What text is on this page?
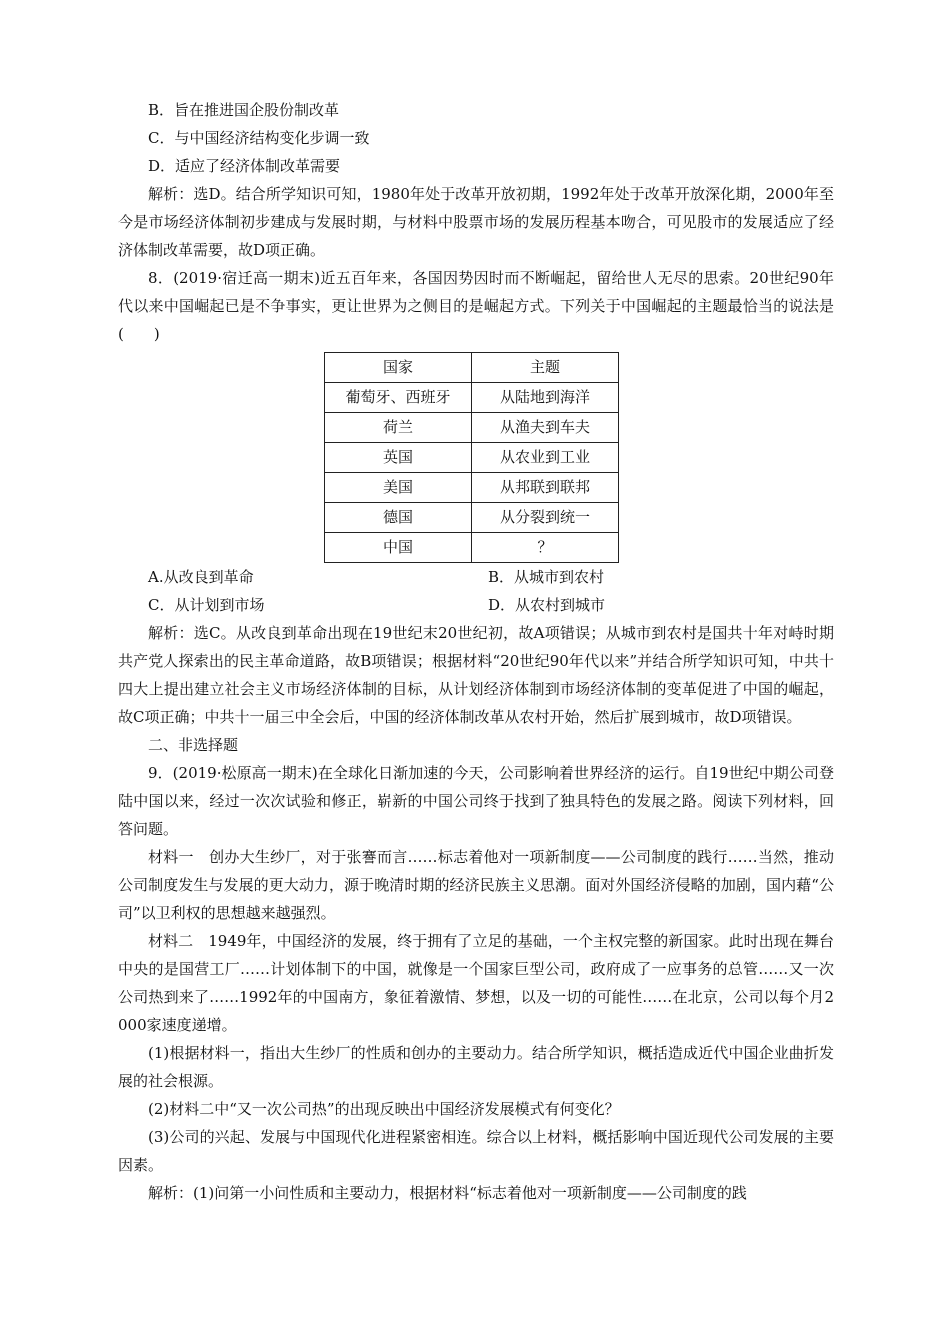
B．旨在推进国企股份制改革
C．与中国经济结构变化步调一致
D．适应了经济体制改革需要
解析：选D。结合所学知识可知，1980年处于改革开放初期，1992年处于改革开放深化期，2000年至今是市场经济体制初步建成与发展时期，与材料中股票市场的发展历程基本吻合，可见股市的发展适应了经济体制改革需要，故D项正确。
8．(2019·宿迁高一期末)近五百年来，各国因势因时而不断崛起，留给世人无尽的思索。20世纪90年代以来中国崛起已是不争事实，更让世界为之侧目的是崛起方式。下列关于中国崛起的主题最恰当的说法是(　　)
国家	主题
葡萄牙、西班牙	从陆地到海洋
荷兰	从渔夫到车夫
英国	从农业到工业
美国	从邦联到联邦
德国	从分裂到统一
中国	？
A.从改良到革命	B．从城市到农村
C．从计划到市场	D．从农村到城市
解析：选C。从改良到革命出现在19世纪末20世纪初，故A项错误；从城市到农村是国共十年对峙时期共产党人探索出的民主革命道路，故B项错误；根据材料“20世纪90年代以来”并结合所学知识可知，中共十四大上提出建立社会主义市场经济体制的目标，从计划经济体制到市场经济体制的变革促进了中国的崛起，故C项正确；中共十一届三中全会后，中国的经济体制改革从农村开始，然后扩展到城市，故D项错误。
二、非选择题
9．(2019·松原高一期末)在全球化日渐加速的今天，公司影响着世界经济的运行。自19世纪中期公司登陆中国以来，经过一次次试验和修正，崭新的中国公司终于找到了独具特色的发展之路。阅读下列材料，回答问题。
材料一　创办大生纱厂，对于张謇而言……标志着他对一项新制度——公司制度的践行……当然，推动公司制度发生与发展的更大动力，源于晚清时期的经济民族主义思潮。面对外国经济侵略的加剧，国内藉“公司”以卫利权的思想越来越强烈。
材料二　1949年，中国经济的发展，终于拥有了立足的基础，一个主权完整的新国家。此时出现在舞台中央的是国营工厂……计划体制下的中国，就像是一个国家巨型公司，政府成了一应事务的总管……又一次公司热到来了……1992年的中国南方，象征着激情、梦想，以及一切的可能性……在北京，公司以每个月2 000家速度递增。
(1)根据材料一，指出大生纱厂的性质和创办的主要动力。结合所学知识，概括造成近代中国企业曲折发展的社会根源。
(2)材料二中“又一次公司热”的出现反映出中国经济发展模式有何变化？
(3)公司的兴起、发展与中国现代化进程紧密相连。综合以上材料，概括影响中国近现代公司发展的主要因素。
解析：(1)问第一小问性质和主要动力，根据材料“标志着他对一项新制度——公司制度的践
